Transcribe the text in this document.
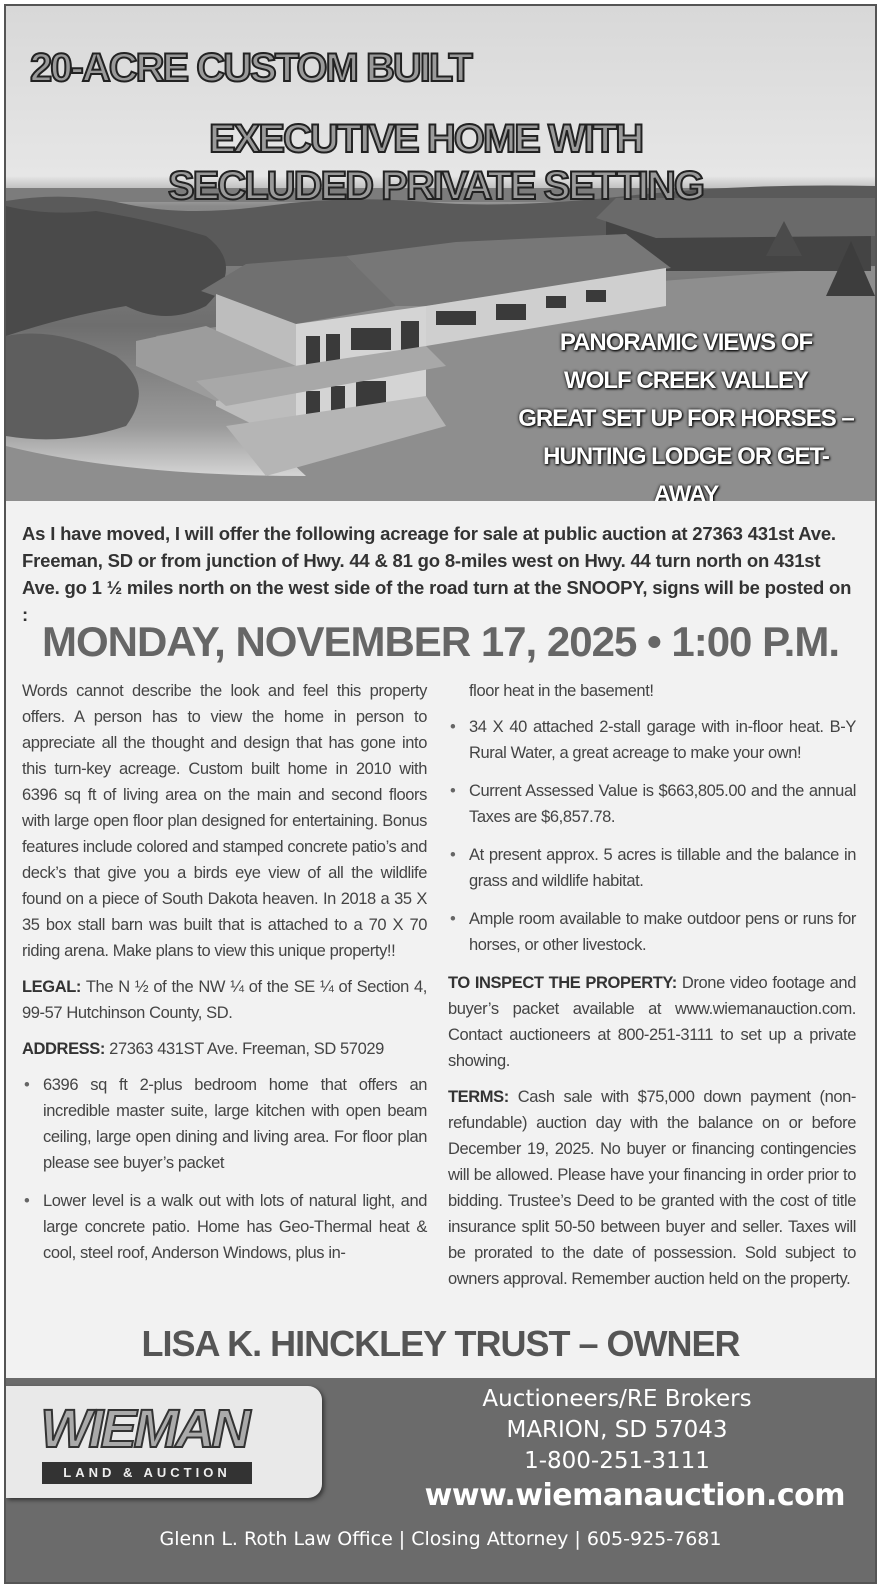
20-ACRE CUSTOM BUILT
EXECUTIVE HOME WITH
SECLUDED PRIVATE SETTING
PANORAMIC VIEWS OF
WOLF CREEK VALLEY
GREAT SET UP FOR HORSES –
HUNTING LODGE OR GET-AWAY

As I have moved, I will offer the following acreage for sale at public auction at 27363 431st Ave. Freeman, SD or from junction of Hwy. 44 & 81 go 8-miles west on Hwy. 44 turn north on 431st Ave. go 1 ½ miles north on the west side of the road turn at the SNOOPY, signs will be posted on :

MONDAY, NOVEMBER 17, 2025 • 1:00 P.M.

Words cannot describe the look and feel this property offers. A person has to view the home in person to appreciate all the thought and design that has gone into this turn-key acreage. Custom built home in 2010 with 6396 sq ft of living area on the main and second floors with large open floor plan designed for entertaining. Bonus features include colored and stamped concrete patio’s and deck’s that give you a birds eye view of all the wildlife found on a piece of South Dakota heaven. In 2018 a 35 X 35 box stall barn was built that is attached to a 70 X 70 riding arena. Make plans to view this unique property!!

LEGAL: The N ½ of the NW ¼ of the SE ¼ of Section 4, 99-57 Hutchinson County, SD.

ADDRESS: 27363 431ST Ave. Freeman, SD 57029

• 6396 sq ft 2-plus bedroom home that offers an incredible master suite, large kitchen with open beam ceiling, large open dining and living area. For floor plan please see buyer’s packet
• Lower level is a walk out with lots of natural light, and large concrete patio. Home has Geo-Thermal heat & cool, steel roof, Anderson Windows, plus in-

floor heat in the basement!

• 34 X 40 attached 2-stall garage with in-floor heat. B-Y Rural Water, a great acreage to make your own!
• Current Assessed Value is $663,805.00 and the annual Taxes are $6,857.78.
• At present approx. 5 acres is tillable and the balance in grass and wildlife habitat.
• Ample room available to make outdoor pens or runs for horses, or other livestock.

TO INSPECT THE PROPERTY: Drone video footage and buyer’s packet available at www.wiemanauction.com. Contact auctioneers at 800-251-3111 to set up a private showing.

TERMS: Cash sale with $75,000 down payment (non-refundable) auction day with the balance on or before December 19, 2025. No buyer or financing contingencies will be allowed. Please have your financing in order prior to bidding. Trustee’s Deed to be granted with the cost of title insurance split 50-50 between buyer and seller. Taxes will be prorated to the date of possession. Sold subject to owners approval. Remember auction held on the property.

LISA K. HINCKLEY TRUST – OWNER
WIEMAN
LAND & AUCTION

Auctioneers/RE Brokers

MARION, SD 57043

1-800-251-3111

www.wiemanauction.com

Glenn L. Roth Law Office | Closing Attorney | 605-925-7681
